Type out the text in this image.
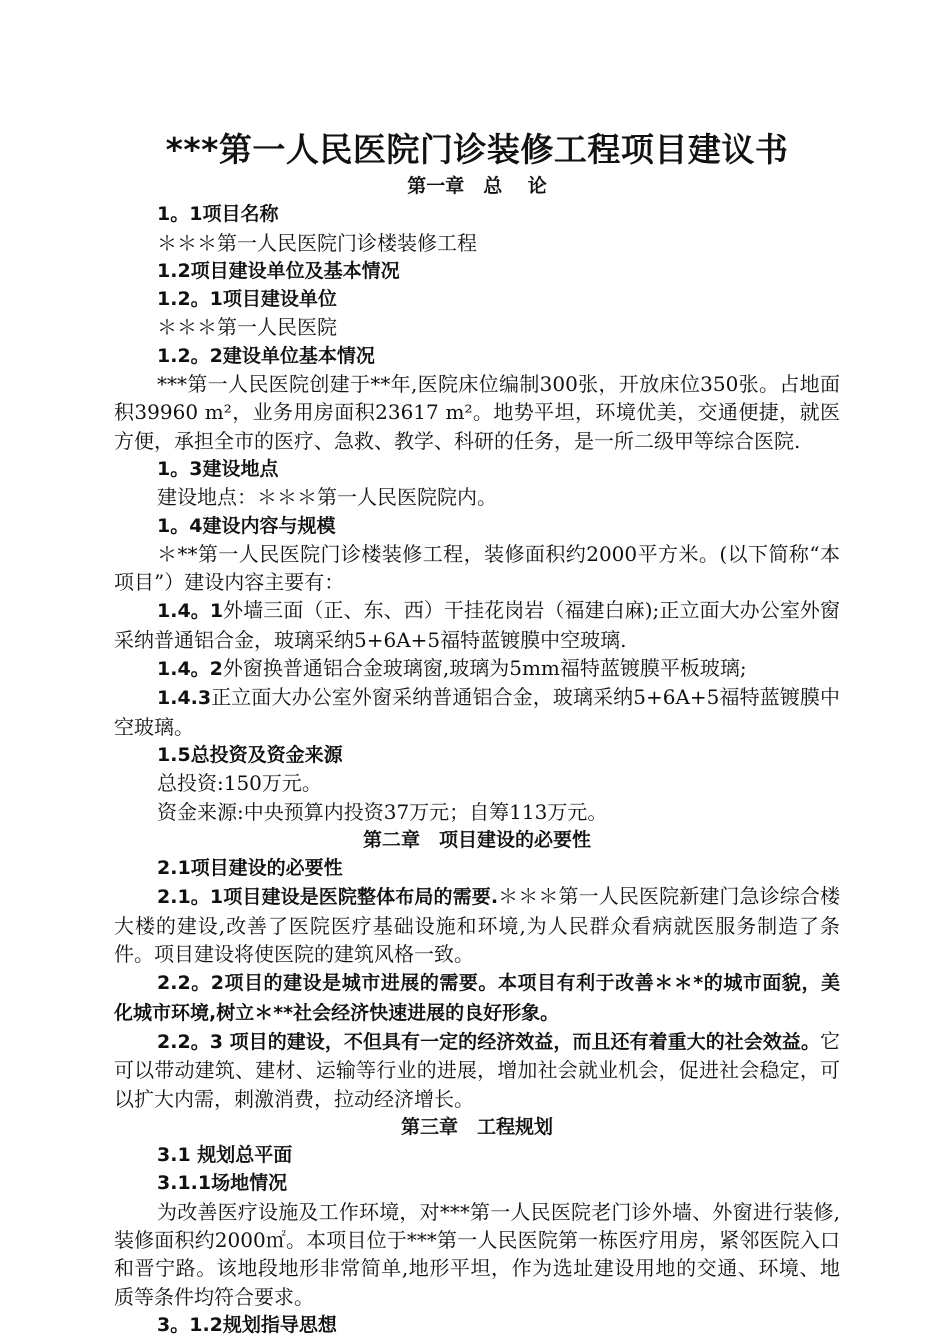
***第一人民医院门诊装修工程项目建议书

第一章　总　 论

1。1项目名称

＊＊＊第一人民医院门诊楼装修工程

1.2项目建设单位及基本情况

1.2。1项目建设单位

＊＊＊第一人民医院

1.2。2建设单位基本情况

***第一人民医院创建于**年,医院床位编制300张，开放床位350张。占地面积39960 m²，业务用房面积23617 m²。地势平坦，环境优美，交通便捷，就医方便，承担全市的医疗、急救、教学、科研的任务，是一所二级甲等综合医院.

1。3建设地点

建设地点：＊＊＊第一人民医院院内。

1。4建设内容与规模

＊**第一人民医院门诊楼装修工程，装修面积约2000平方米。(以下简称“本项目”）建设内容主要有：

1.4。1外墙三面（正、东、西）干挂花岗岩（福建白麻);正立面大办公室外窗采纳普通铝合金，玻璃采纳5+6A+5福特蓝镀膜中空玻璃.

1.4。2外窗换普通铝合金玻璃窗,玻璃为5mm福特蓝镀膜平板玻璃;

1.4.3正立面大办公室外窗采纳普通铝合金，玻璃采纳5+6A+5福特蓝镀膜中空玻璃。

1.5总投资及资金来源

总投资:150万元。

资金来源:中央预算内投资37万元；自筹113万元。

第二章　项目建设的必要性

2.1项目建设的必要性

2.1。1项目建设是医院整体布局的需要.＊＊＊第一人民医院新建门急诊综合楼大楼的建设,改善了医院医疗基础设施和环境,为人民群众看病就医服务制造了条件。项目建设将使医院的建筑风格一致。

2.2。2项目的建设是城市进展的需要。本项目有利于改善＊＊*的城市面貌，美化城市环境,树立＊**社会经济快速进展的良好形象。

2.2。3 项目的建设，不但具有一定的经济效益，而且还有着重大的社会效益。它可以带动建筑、建材、运输等行业的进展，增加社会就业机会，促进社会稳定，可以扩大内需，刺激消费，拉动经济增长。

第三章　工程规划

3.1 规划总平面

3.1.1场地情况

为改善医疗设施及工作环境，对***第一人民医院老门诊外墙、外窗进行装修,装修面积约2000㎡。本项目位于***第一人民医院第一栋医疗用房，紧邻医院入口和晋宁路。该地段地形非常简单,地形平坦，作为选址建设用地的交通、环境、地质等条件均符合要求。

3。1.2规划指导思想
